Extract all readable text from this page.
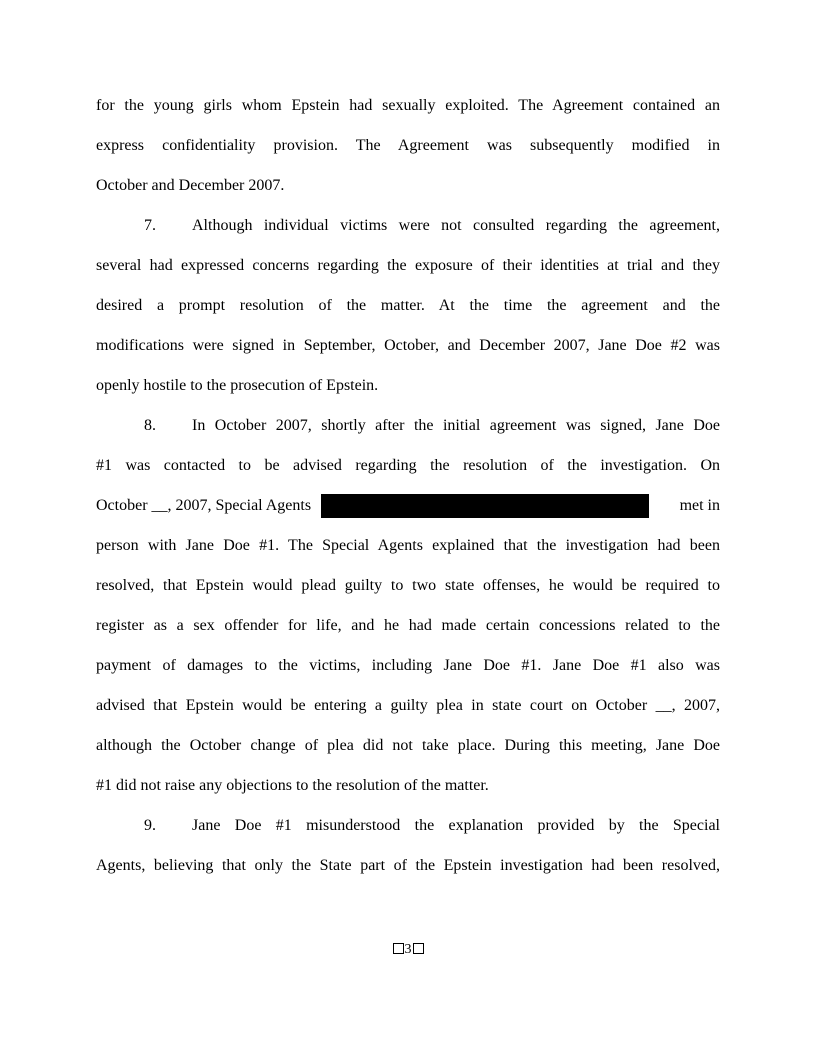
for the young girls whom Epstein had sexually exploited. The Agreement contained an
express confidentiality provision. The Agreement was subsequently modified in
October and December 2007.
7. Although individual victims were not consulted regarding the agreement,
several had expressed concerns regarding the exposure of their identities at trial and they
desired a prompt resolution of the matter. At the time the agreement and the
modifications were signed in September, October, and December 2007, Jane Doe #2 was
openly hostile to the prosecution of Epstein.
8. In October 2007, shortly after the initial agreement was signed, Jane Doe
#1 was contacted to be advised regarding the resolution of the investigation. On
October __, 2007, Special Agents	met in
person with Jane Doe #1. The Special Agents explained that the investigation had been
resolved, that Epstein would plead guilty to two state offenses, he would be required to
register as a sex offender for life, and he had made certain concessions related to the
payment of damages to the victims, including Jane Doe #1. Jane Doe #1 also was
advised that Epstein would be entering a guilty plea in state court on October __, 2007,
although the October change of plea did not take place. During this meeting, Jane Doe
#1 did not raise any objections to the resolution of the matter.
9. Jane Doe #1 misunderstood the explanation provided by the Special
Agents, believing that only the State part of the Epstein investigation had been resolved,
3
